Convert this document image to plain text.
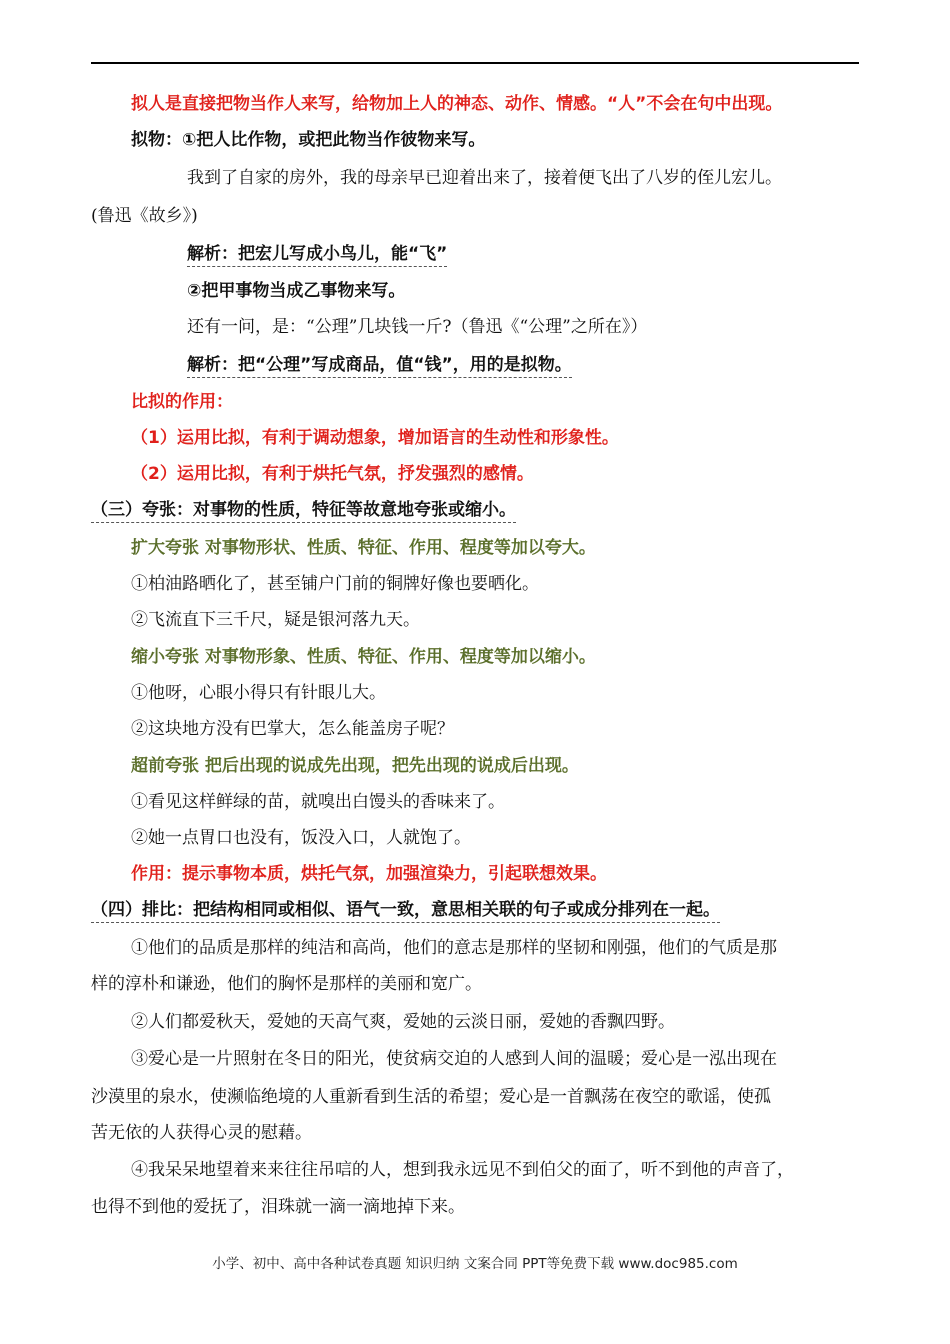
拟人是直接把物当作人来写，给物加上人的神态、动作、情感。“人”不会在句中出现。
拟物：①把人比作物，或把此物当作彼物来写。
我到了自家的房外，我的母亲早已迎着出来了，接着便飞出了八岁的侄儿宏儿。
(鲁迅《故乡》)
解析：把宏儿写成小鸟儿，能“飞”
②把甲事物当成乙事物来写。
还有一问，是：“公理”几块钱一斤?（鲁迅《“公理”之所在》）
解析：把“公理”写成商品，值“钱”，用的是拟物。
比拟的作用：
（1）运用比拟，有利于调动想象，增加语言的生动性和形象性。
（2）运用比拟，有利于烘托气氛，抒发强烈的感情。
（三）夸张：对事物的性质，特征等故意地夸张或缩小。
扩大夸张 对事物形状、性质、特征、作用、程度等加以夸大。
①柏油路晒化了，甚至铺户门前的铜牌好像也要晒化。
②飞流直下三千尺，疑是银河落九天。
缩小夸张 对事物形象、性质、特征、作用、程度等加以缩小。
①他呀，心眼小得只有针眼儿大。
②这块地方没有巴掌大，怎么能盖房子呢？
超前夸张 把后出现的说成先出现，把先出现的说成后出现。
①看见这样鲜绿的苗，就嗅出白馒头的香味来了。
②她一点胃口也没有，饭没入口，人就饱了。
作用：提示事物本质，烘托气氛，加强渲染力，引起联想效果。
（四）排比：把结构相同或相似、语气一致，意思相关联的句子或成分排列在一起。
①他们的品质是那样的纯洁和高尚，他们的意志是那样的坚韧和刚强，他们的气质是那
样的淳朴和谦逊，他们的胸怀是那样的美丽和宽广。
②人们都爱秋天，爱她的天高气爽，爱她的云淡日丽，爱她的香飘四野。
③爱心是一片照射在冬日的阳光，使贫病交迫的人感到人间的温暖；爱心是一泓出现在
沙漠里的泉水，使濒临绝境的人重新看到生活的希望；爱心是一首飘荡在夜空的歌谣，使孤
苦无依的人获得心灵的慰藉。
④我呆呆地望着来来往往吊唁的人，想到我永远见不到伯父的面了，听不到他的声音了，
也得不到他的爱抚了，泪珠就一滴一滴地掉下来。
小学、初中、高中各种试卷真题 知识归纳 文案合同 PPT等免费下载 www.doc985.com
